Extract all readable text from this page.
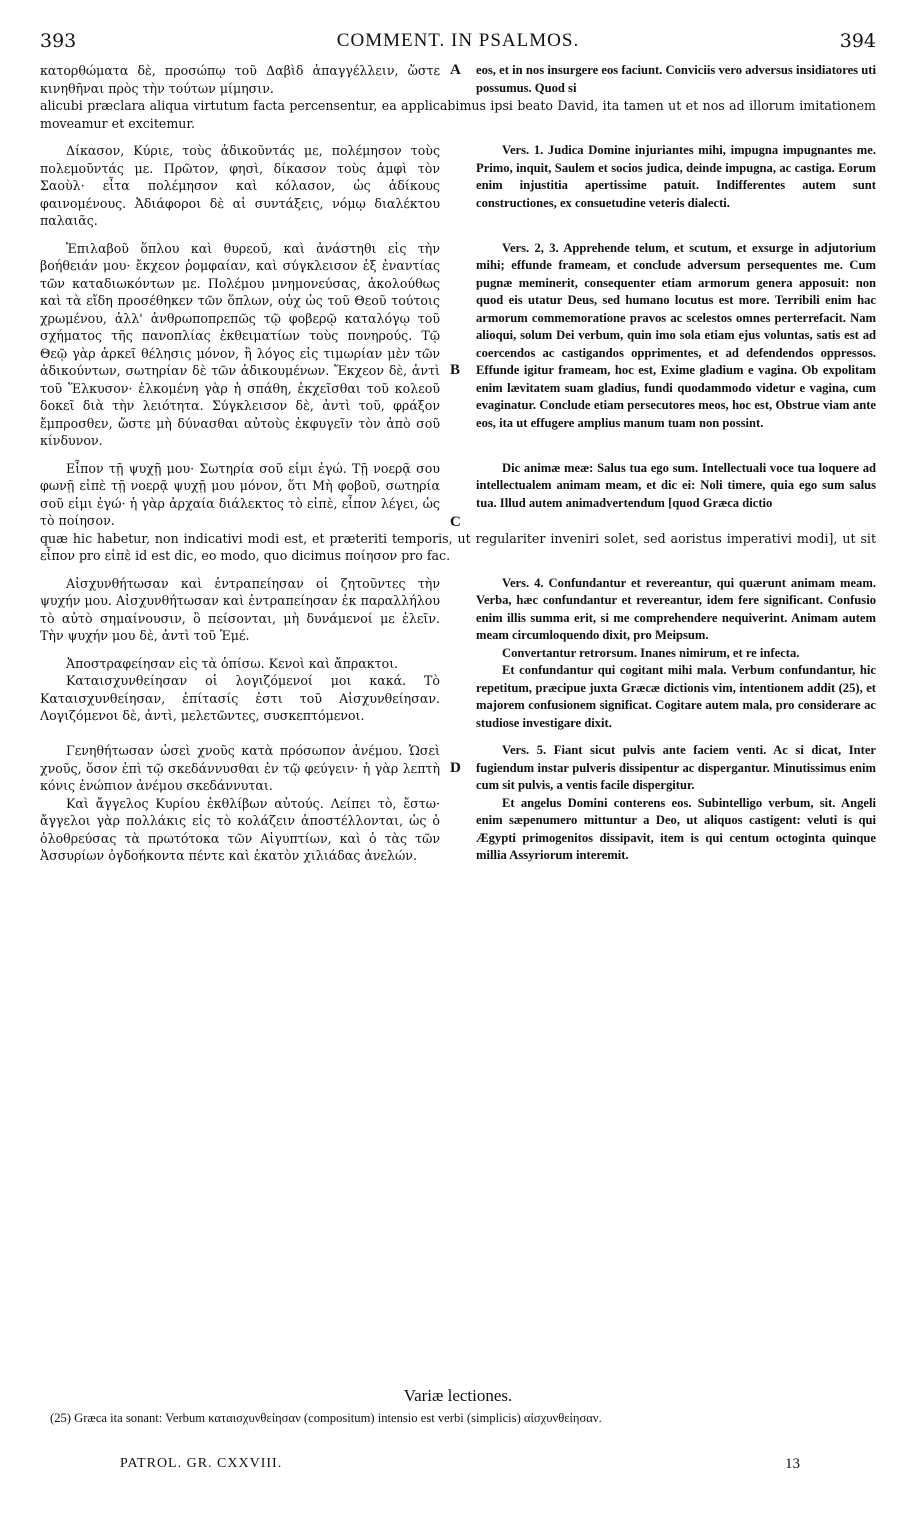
393	COMMENT. IN PSALMOS.	394

κατορθώματα δὲ, προσώπῳ τοῦ Δαβὶδ ἀπαγγέλλειν, ὥστε κινηθῆναι πρὸς τὴν τούτων μίμησιν.

A eos, et in nos insurgere eos faciunt. Conviciis vero adversus insidiatores uti possumus. Quod si

alicubi præclara aliqua virtutum facta percensentur, ea applicabimus ipsi beato David, ita tamen ut et nos ad illorum imitationem moveamur et excitemur.

Δίκασον, Κύριε, τοὺς ἀδικοῦντάς με, πολέμησον τοὺς πολεμοῦντάς με. Πρῶτον, φησὶ, δίκασον τοὺς ἀμφὶ τὸν Σαοὺλ· εἶτα πολέμησον καὶ κόλασον, ὡς ἀδίκους φαινομένους. Ἀδιάφοροι δὲ αἱ συντάξεις, νόμῳ διαλέκτου παλαιᾶς.

Vers. 1. Judica Domine injuriantes mihi, impugna impugnantes me. Primo, inquit, Saulem et socios judica, deinde impugna, ac castiga. Eorum enim injustitia apertissime patuit. Indifferentes autem sunt constructiones, ex consuetudine veteris dialecti.

Ἐπιλαβοῦ ὅπλου καὶ θυρεοῦ, καὶ ἀνάστηθι εἰς τὴν βοήθειάν μου· ἔκχεον ῥομφαίαν, καὶ σύγκλεισον ἐξ ἐναντίας τῶν καταδιωκόντων με. Πολέμου μνημονεύσας, ἀκολούθως καὶ τὰ εἴδη προσέθηκεν τῶν ὅπλων, οὐχ ὡς τοῦ Θεοῦ τούτοις χρωμένου, ἀλλ' ἀνθρωποπρεπῶς τῷ φοβερῷ καταλόγῳ τοῦ σχήματος τῆς πανοπλίας ἐκθειματίων τοὺς πονηρούς. Τῷ Θεῷ γὰρ ἀρκεῖ θέλησις μόνον, ἢ λόγος εἰς τιμωρίαν μὲν τῶν ἀδικούντων, σωτηρίαν δὲ τῶν ἀδικουμένων. Ἔκχεον δὲ, ἀντὶ τοῦ Ἕλκυσον· ἑλκομένη γὰρ ἡ σπάθη, ἐκχεῖσθαι τοῦ κολεοῦ δοκεῖ διὰ τὴν λειότητα. Σύγκλεισον δὲ, ἀντὶ τοῦ, φράξον ἔμπροσθεν, ὥστε μὴ δύνασθαι αὐτοὺς ἐκφυγεῖν τὸν ἀπὸ σοῦ κίνδυνον.

B

Vers. 2, 3. Apprehende telum, et scutum, et exsurge in adjutorium mihi; effunde frameam, et conclude adversum persequentes me. Cum pugnæ meminerit, consequenter etiam armorum genera apposuit: non quod eis utatur Deus, sed humano locutus est more. Terribili enim hac armorum commemoratione pravos ac scelestos omnes perterrefacit. Nam alioqui, solum Dei verbum, quin imo sola etiam ejus voluntas, satis est ad coercendos ac castigandos opprimentes, et ad defendendos oppressos. Effunde igitur frameam, hoc est, Exime gladium e vagina. Ob expolitam enim lævitatem suam gladius, fundi quodammodo videtur e vagina, cum evaginatur. Conclude etiam persecutores meos, hoc est, Obstrue viam ante eos, ita ut effugere amplius manum tuam non possint.

Εἶπον τῇ ψυχῇ μου· Σωτηρία σοῦ εἰμι ἐγώ. Τῇ νοερᾷ σου φωνῇ εἰπὲ τῇ νοερᾷ ψυχῇ μου μόνον, ὅτι Μὴ φοβοῦ, σωτηρία σοῦ εἰμι ἐγώ· ἡ γὰρ ἀρχαία διάλεκτος τὸ εἰπὲ, εἶπον λέγει, ὡς τὸ ποίησον.	C

Dic animæ meæ: Salus tua ego sum. Intellectuali voce tua loquere ad intellectualem animam meam, et dic ei: Noli timere, quia ego sum salus tua. Illud autem animadvertendum [quod Græca dictio

quæ hic habetur, non indicativi modi est, et præteriti temporis, ut regulariter inveniri solet, sed aoristus imperativi modi], ut sit εἶπον pro εἰπὲ id est dic, eo modo, quo dicimus ποίησον pro fac.

Αἰσχυνθήτωσαν καὶ ἐντραπείησαν οἱ ζητοῦντες τὴν ψυχήν μου. Αἰσχυνθήτωσαν καὶ ἐντραπείησαν ἐκ παραλλήλου τὸ αὐτὸ σημαίνουσιν, ὃ πείσονται, μὴ δυνάμενοί με ἑλεῖν. Τὴν ψυχήν μου δὲ, ἀντὶ τοῦ Ἐμέ.

Ἀποστραφείησαν εἰς τὰ ὀπίσω. Κενοὶ καὶ ἄπρακτοι.

Καταισχυνθείησαν οἱ λογιζόμενοί μοι κακά. Τὸ Καταισχυνθείησαν, ἐπίτασίς ἐστι τοῦ Αἰσχυνθείησαν. Λογιζόμενοι δὲ, ἀντὶ, μελετῶντες, συσκεπτόμενοι.

Vers. 4. Confundantur et revereantur, qui quærunt animam meam. Verba, hæc confundantur et revereantur, idem fere significant. Confusio enim illis summa erit, si me comprehendere nequiverint. Animam autem meam circumloquendo dixit, pro Meipsum.

Convertantur retrorsum. Inanes nimirum, et re infecta.

Et confundantur qui cogitant mihi mala. Verbum confundantur, hic repetitum, præcipue juxta Græcæ dictionis vim, intentionem addit (25), et majorem confusionem significat. Cogitare autem mala, pro considerare ac studiose investigare dixit.

Γενηθήτωσαν ὡσεὶ χνοῦς κατὰ πρόσωπον ἀνέμου. Ὡσεὶ χνοῦς, ὅσον ἐπὶ τῷ σκεδάννυσθαι ἐν τῷ φεύγειν· ἡ γὰρ λεπτὴ κόνις ἐνώπιον ἀνέμου σκεδάννυται.

Καὶ ἄγγελος Κυρίου ἐκθλίβων αὐτούς. Λείπει τὸ, ἔστω· ἄγγελοι γὰρ πολλάκις εἰς τὸ κολάζειν ἀποστέλλονται, ὡς ὁ ὀλοθρεύσας τὰ πρωτότοκα τῶν Αἰγυπτίων, καὶ ὁ τὰς τῶν Ἀσσυρίων ὀγδοήκοντα πέντε καὶ ἑκατὸν χιλιάδας ἀνελών.

D

Vers. 5. Fiant sicut pulvis ante faciem venti. Ac si dicat, Inter fugiendum instar pulveris dissipentur ac dispergantur. Minutissimus enim cum sit pulvis, a ventis facile dispergitur.

Et angelus Domini conterens eos. Subintelligo verbum, sit. Angeli enim sæpenumero mittuntur a Deo, ut aliquos castigent: veluti is qui Ægypti primogenitos dissipavit, item is qui centum octoginta quinque millia Assyriorum interemit.

Variæ lectiones.
(25) Græca ita sonant: Verbum καταισχυνθείησαν (compositum) intensio est verbi (simplicis) αἰσχυνθείησαν.
PATROL. GR. CXXVIII.	13
